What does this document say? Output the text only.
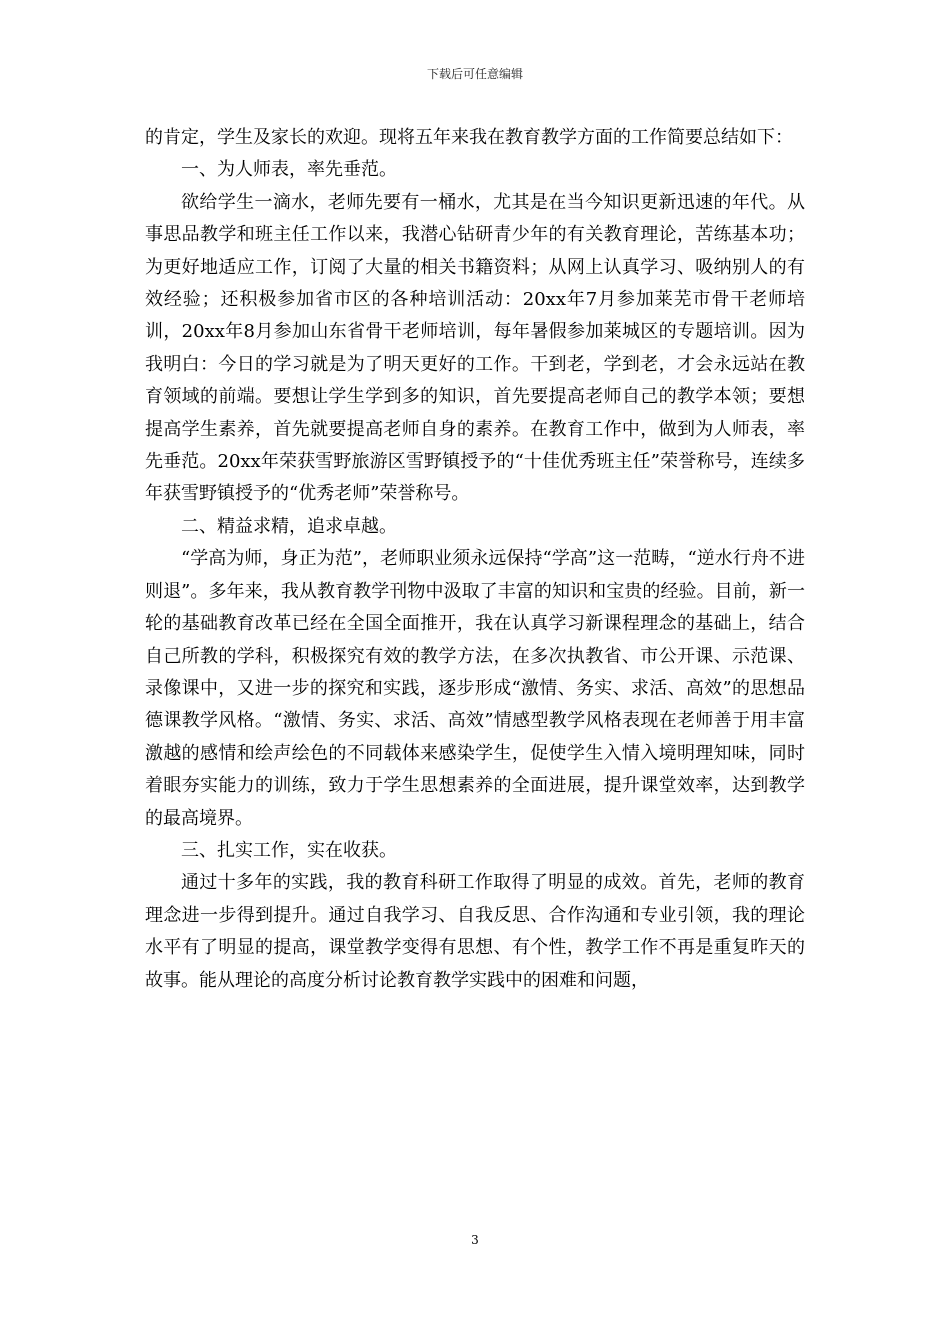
下载后可任意编辑

的肯定，学生及家长的欢迎。现将五年来我在教育教学方面的工作简要总结如下：

一、为人师表，率先垂范。

欲给学生一滴水，老师先要有一桶水，尤其是在当今知识更新迅速的年代。从事思品教学和班主任工作以来，我潜心钻研青少年的有关教育理论，苦练基本功；为更好地适应工作，订阅了大量的相关书籍资料；从网上认真学习、吸纳别人的有效经验；还积极参加省市区的各种培训活动：20xx年7月参加莱芜市骨干老师培训，20xx年8月参加山东省骨干老师培训，每年暑假参加莱城区的专题培训。因为我明白：今日的学习就是为了明天更好的工作。干到老，学到老，才会永远站在教育领域的前端。要想让学生学到多的知识，首先要提高老师自己的教学本领；要想提高学生素养，首先就要提高老师自身的素养。在教育工作中，做到为人师表，率先垂范。20xx年荣获雪野旅游区雪野镇授予的“十佳优秀班主任”荣誉称号，连续多年获雪野镇授予的“优秀老师”荣誉称号。

二、精益求精，追求卓越。

“学高为师，身正为范”，老师职业须永远保持“学高”这一范畴，“逆水行舟不进则退”。多年来，我从教育教学刊物中汲取了丰富的知识和宝贵的经验。目前，新一轮的基础教育改革已经在全国全面推开，我在认真学习新课程理念的基础上，结合自己所教的学科，积极探究有效的教学方法，在多次执教省、市公开课、示范课、录像课中，又进一步的探究和实践，逐步形成“激情、务实、求活、高效”的思想品德课教学风格。“激情、务实、求活、高效”情感型教学风格表现在老师善于用丰富激越的感情和绘声绘色的不同载体来感染学生，促使学生入情入境明理知味，同时着眼夯实能力的训练，致力于学生思想素养的全面进展，提升课堂效率，达到教学的最高境界。

三、扎实工作，实在收获。

通过十多年的实践，我的教育科研工作取得了明显的成效。首先，老师的教育理念进一步得到提升。通过自我学习、自我反思、合作沟通和专业引领，我的理论水平有了明显的提高，课堂教学变得有思想、有个性，教学工作不再是重复昨天的故事。能从理论的高度分析讨论教育教学实践中的困难和问题，

3
